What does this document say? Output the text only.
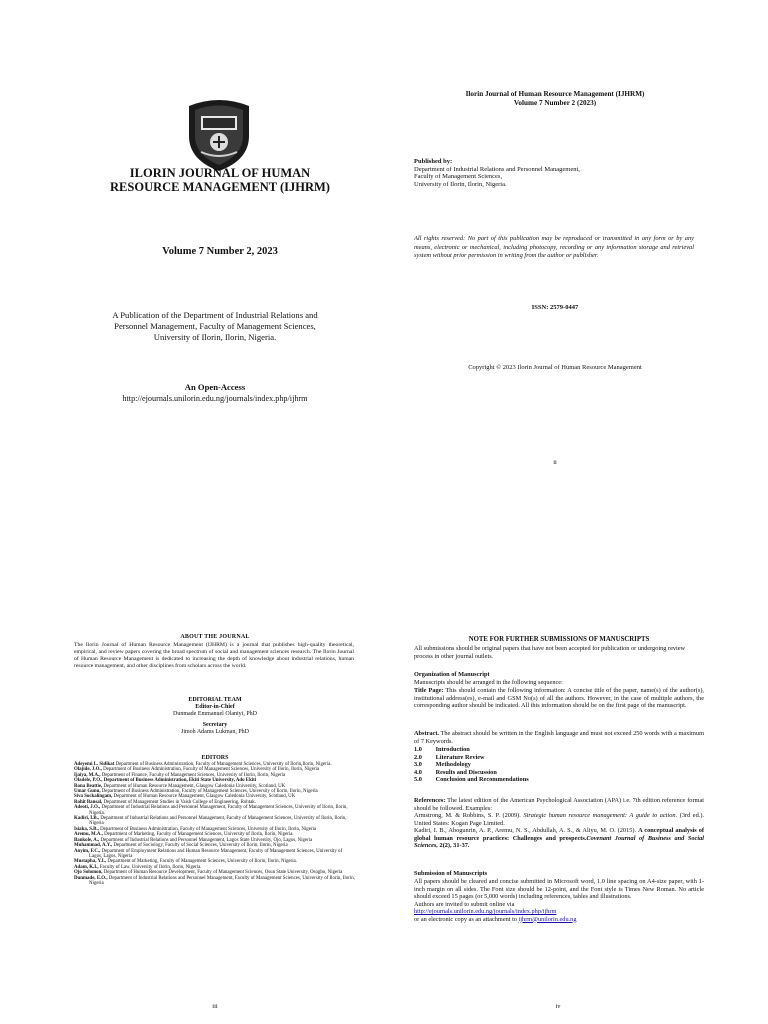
ILORIN JOURNAL OF HUMAN RESOURCE MANAGEMENT (IJHRM)
Volume 7 Number 2, 2023
A Publication of the Department of Industrial Relations and Personnel Management, Faculty of Management Sciences, University of Ilorin, Ilorin, Nigeria.
An Open-Access
http://ejournals.unilorin.edu.ng/journals/index.php/ijhrm
Ilorin Journal of Human Resource Management (IJHRM)
Volume 7 Number 2 (2023)
Published by:
Department of Industrial Relations and Personnel Management,
Faculty of Management Sciences,
University of Ilorin, Ilorin, Nigeria.
All rights reserved: No part of this publication may be reproduced or transmitted in any form or by any means, electronic or mechanical, including photocopy, recording or any information storage and retrieval system without prior permission in writing from the author or publisher.
ISSN: 2579-0447
Copyright © 2023 Ilorin Journal of Human Resource Management
ii
ABOUT THE JOURNAL
The Ilorin Journal of Human Resource Management (IJHRM) is a journal that publishes high-quality theoretical, empirical, and review papers covering the broad spectrum of social and management sciences research. The Ilorin Journal of Human Resource Management is dedicated to increasing the depth of knowledge about industrial relations, human resource management, and other disciplines from scholars across the world.
EDITORIAL TEAM
Editor-in-Chief
Dunmade Emmanuel Olaniyi, PhD
Secretary
Jimoh Adams Lukman, PhD
EDITORS

Adeyemi L. Sidikat Department of Business Administration, Faculty of Management Sciences, University of Ilorin,Ilorin, Nigeria.

Olajide, J.O., Department of Business Administration, Faculty of Management Sciences, University of Ilorin, Ilorin, Nigeria

Ijaiya, M.A., Department of Finance, Faculty of Management Sciences, University of Ilorin, Ilorin, Nigeria

Oladele, P.O., Department of Business Administration, Ekiti State University, Ado Ekiti

Rona Beattie, Department of Human Resource Management, Glasgow Caledonia University, Scotland, UK

Umar Gunu, Department of Business Administration, Faculty of Management Sciences, University of Ilorin, Ilorin, Nigeria

Siva Sockalingam, Department of Human Resource Management, Glasgow Caledonia University, Scotland, UK

Rohit Bansal, Department of Management Studies in Vaish College of Engineering, Rohtak.

Adeoti, J.O., Department of Industrial Relations and Personnel Management, Faculty of Management Sciences, University of Ilorin, Ilorin, Nigeria.

Kadiri, I.B., Department of Industrial Relations and Personnel Management, Faculty of Management Sciences, University of Ilorin, Ilorin, Nigeria

Isiaka, S.B., Department of Business Administration, Faculty of Management Sciences, University of Ilorin, Ilorin, Nigeria

Aremu, M.A., Department of Marketing, Faculty of Management Sciences, University of Ilorin, Ilorin, Nigeria.

Bankole, A., Department of Industrial Relations and Personnel Management, Lagos State University, Ojo, Lagos, Nigeria

Muhammad, A.Y., Department of Sociology, Faculty of Social Sciences, University of Ilorin, Ilorin, Nigeria

Anyim, F.C., Department of Employment Relations and Human Resource Management, Faculty of Management Sciences, University of Lagos, Lagos, Nigeria

Mustapha, Y.I., Department of Marketing, Faculty of Management Sciences, University of Ilorin, Ilorin, Nigeria.

Adam, K.I., Faculty of Law, University of Ilorin, Ilorin, Nigeria.

Ojo Solomon, Department of Human Resource Development, Faculty of Management Sciences, Osun State University, Osogbo, Nigeria

Dunmade, E.O., Department of Industrial Relations and Personnel Management, Faculty of Management Sciences, University of Ilorin, Ilorin, Nigeria

iii
NOTE FOR FURTHER SUBMISSIONS OF MANUSCRIPTS
All submissions should be original papers that have not been accepted for publication or undergoing review process in other journal outlets.
Organization of Manuscript
Manuscripts should be arranged in the following sequence:
Title Page: This should contain the following information: A concise title of the paper, name(s) of the author(s), institutional address(es), e-mail and GSM No(s) of all the authors. However, in the case of multiple authors, the corresponding author should be indicated. All this information should be on the first page of the manuscript.
Abstract. The abstract should be written in the English language and must not exceed 250 words with a maximum of 7 Keywords.
1.0 Introduction
2.0 Literature Review
3.0 Methodology
4.0 Results and Discussion
5.0 Conclusion and Recommendations
References: The latest edition of the American Psychological Association (APA) i.e. 7th edition reference format should be followed. Examples:
Armstrong, M. & Robbins, S. P. (2009). Strategic human resource management: A guide to action. (3rd ed.). United States: Kogan Page Limited.
Kadiri, I. B., Abogunrin, A. P., Aremu, N. S., Abdullah, A. S., & Aliyu, M. O. (2015). A conceptual analysis of global human resource practices: Challenges and prospects.Covenant Journal of Business and Social Sciences, 2(2), 31-37.
Submission of Manuscripts
All papers should be cleared and concise submitted in Microsoft word, 1.0 line spacing on A4-size paper, with 1-inch margin on all sides. The Font size should be 12-point, and the Font style is Times New Roman. No article should exceed 15 pages (or 5,000 words) including references, tables and illustrations.
Authors are invited to submit online via
http://ejournals.unilorin.edu.ng/journals/index.php/ijhrm
or an electronic copy as an attachment to ijhrm@unilorin.edu.ng
iv
